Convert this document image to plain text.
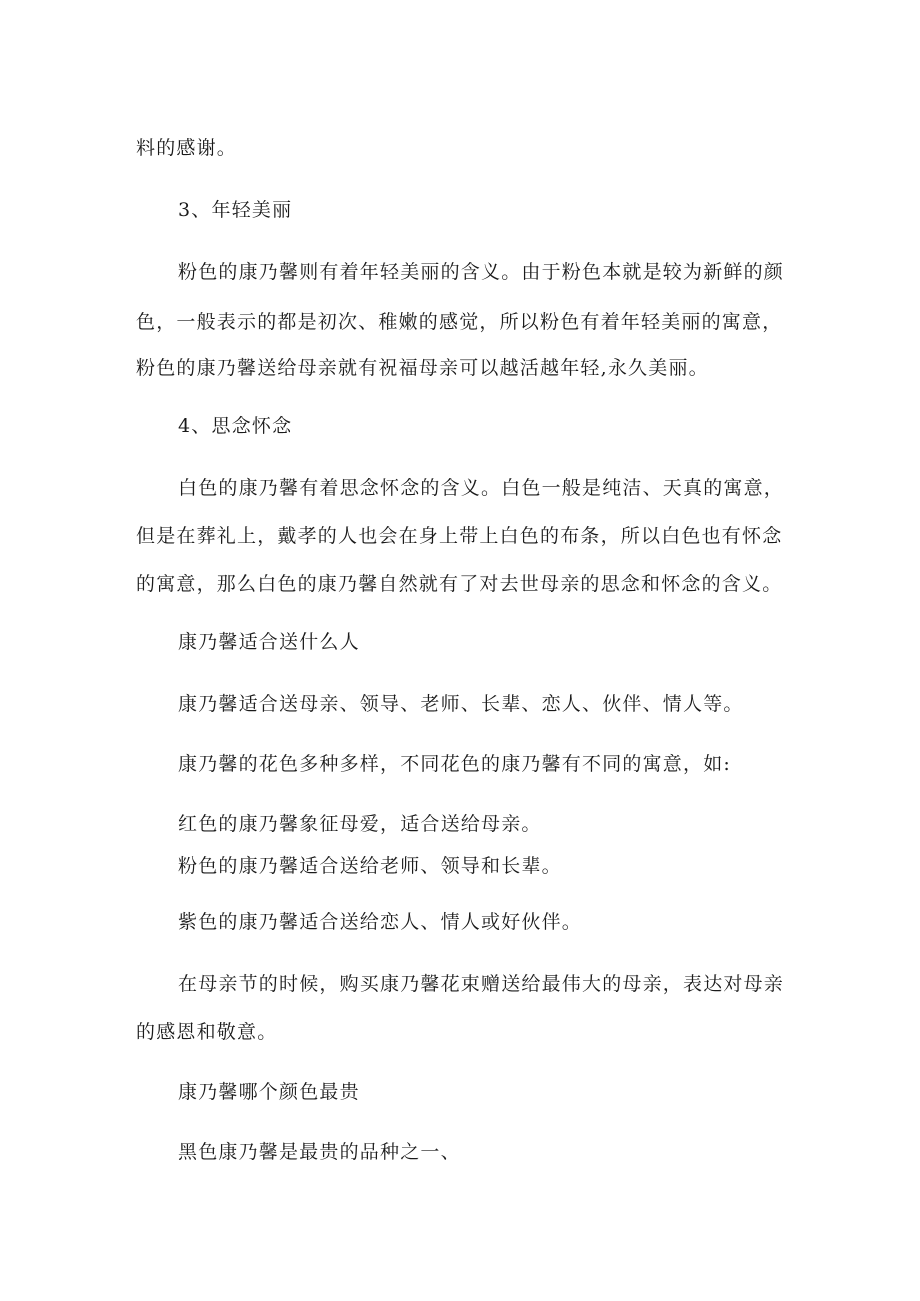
料的感谢。
3、年轻美丽
粉色的康乃馨则有着年轻美丽的含义。由于粉色本就是较为新鲜的颜
色，一般表示的都是初次、稚嫩的感觉，所以粉色有着年轻美丽的寓意，
粉色的康乃馨送给母亲就有祝福母亲可以越活越年轻,永久美丽。
4、思念怀念
白色的康乃馨有着思念怀念的含义。白色一般是纯洁、天真的寓意，
但是在葬礼上，戴孝的人也会在身上带上白色的布条，所以白色也有怀念
的寓意，那么白色的康乃馨自然就有了对去世母亲的思念和怀念的含义。
康乃馨适合送什么人
康乃馨适合送母亲、领导、老师、长辈、恋人、伙伴、情人等。
康乃馨的花色多种多样，不同花色的康乃馨有不同的寓意，如:
红色的康乃馨象征母爱，适合送给母亲。
粉色的康乃馨适合送给老师、领导和长辈。
紫色的康乃馨适合送给恋人、情人或好伙伴。
在母亲节的时候，购买康乃馨花束赠送给最伟大的母亲，表达对母亲
的感恩和敬意。
康乃馨哪个颜色最贵
黑色康乃馨是最贵的品种之一、
